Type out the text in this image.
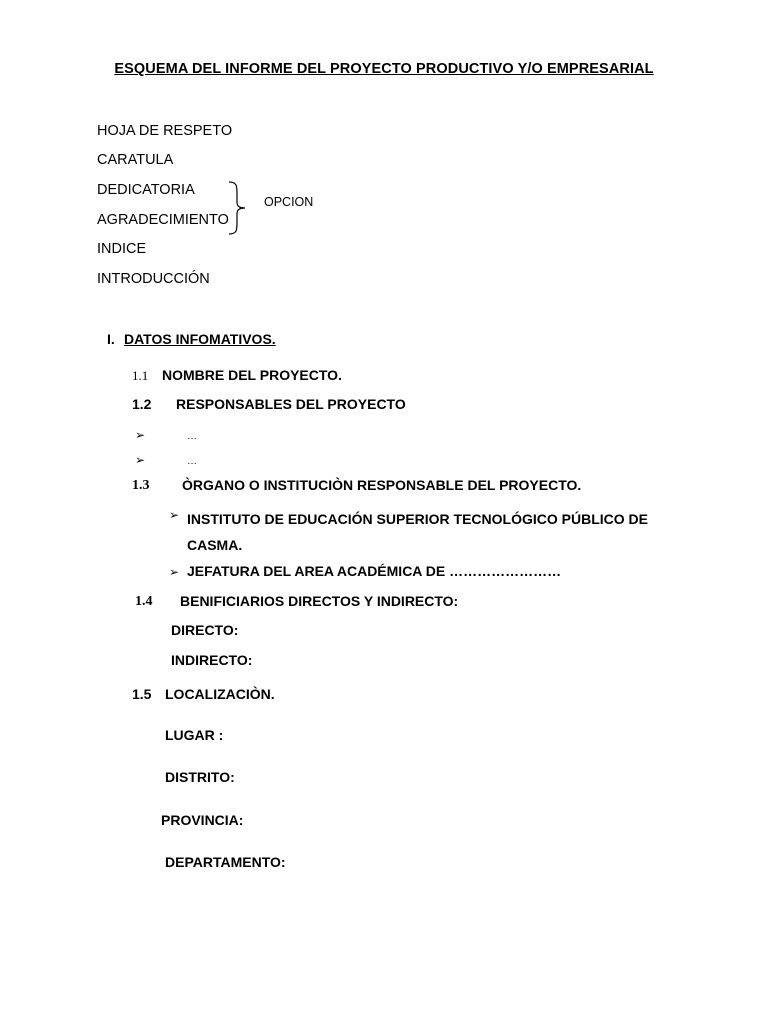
ESQUEMA DEL INFORME DEL PROYECTO PRODUCTIVO Y/O EMPRESARIAL
HOJA DE RESPETO
CARATULA
DEDICATORIA
AGRADECIMIENTO
INDICE
INTRODUCCIÓN
OPCION
I. DATOS INFOMATIVOS.
1.1 NOMBRE DEL PROYECTO.
1.2 RESPONSABLES DEL PROYECTO
➢	…
➢	…
1.3 ÒRGANO O INSTITUCIÒN RESPONSABLE DEL PROYECTO.
➢ INSTITUTO DE EDUCACIÓN SUPERIOR TECNOLÓGICO PÚBLICO DE CASMA.
➢ JEFATURA DEL AREA ACADÉMICA DE ……………………
1.4 BENIFICIARIOS DIRECTOS Y INDIRECTO:
DIRECTO:
INDIRECTO:
1.5 LOCALIZACIÒN.
LUGAR :
DISTRITO:
PROVINCIA:
DEPARTAMENTO:
